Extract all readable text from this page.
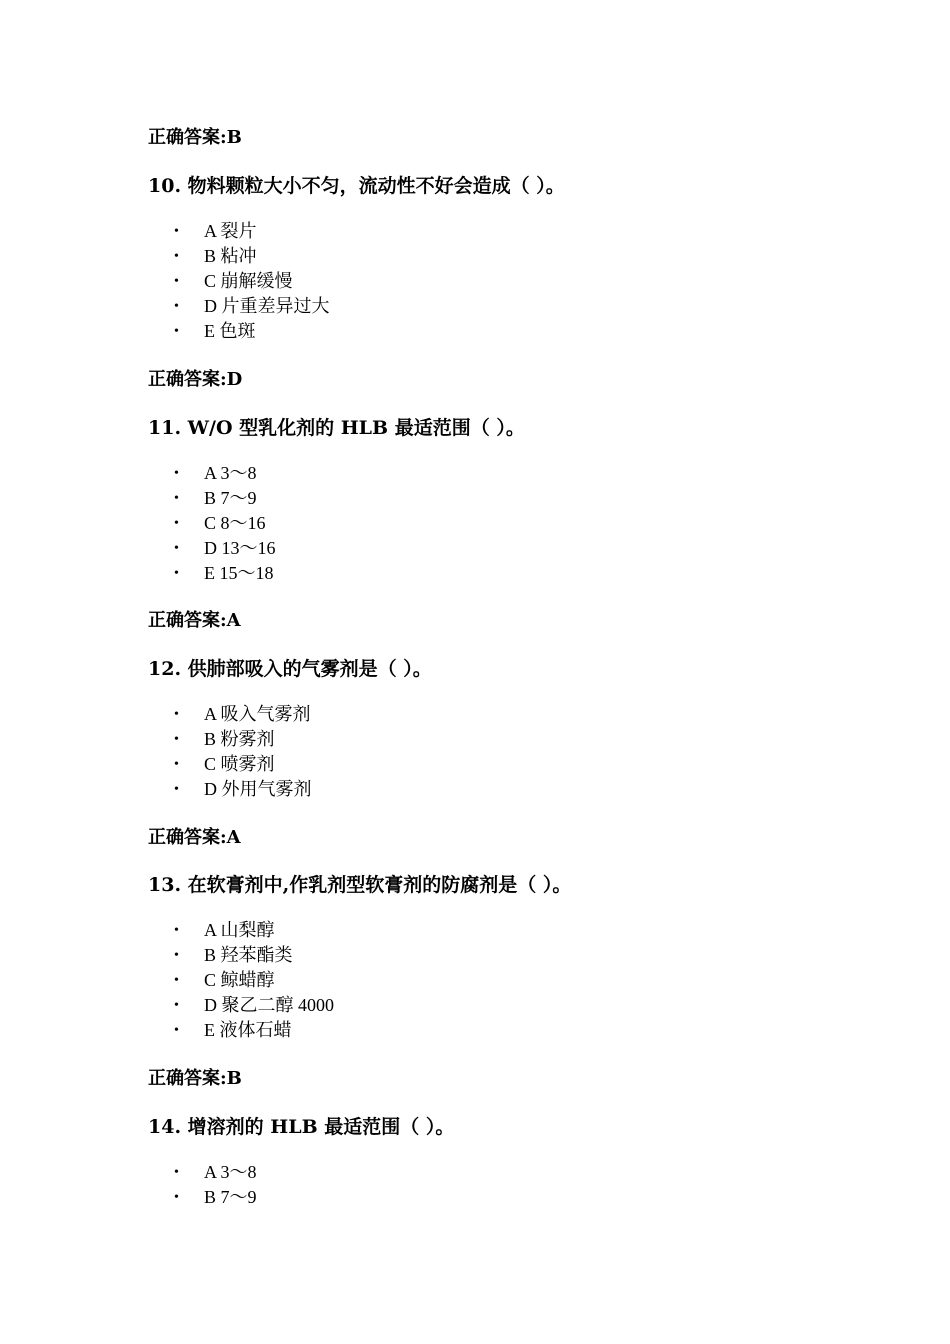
正确答案:B
10. 物料颗粒大小不匀，流动性不好会造成（ ）。
• A 裂片
• B 粘冲
• C 崩解缓慢
• D 片重差异过大
• E 色斑
正确答案:D
11. W/O 型乳化剂的 HLB 最适范围（ ）。
• A 3～8
• B 7～9
• C 8～16
• D 13～16
• E 15～18
正确答案:A
12. 供肺部吸入的气雾剂是（ ）。
• A 吸入气雾剂
• B 粉雾剂
• C 喷雾剂
• D 外用气雾剂
正确答案:A
13. 在软膏剂中,作乳剂型软膏剂的防腐剂是（ ）。
• A 山梨醇
• B 羟苯酯类
• C 鲸蜡醇
• D 聚乙二醇 4000
• E 液体石蜡
正确答案:B
14. 增溶剂的 HLB 最适范围（ ）。
• A 3～8
• B 7～9
